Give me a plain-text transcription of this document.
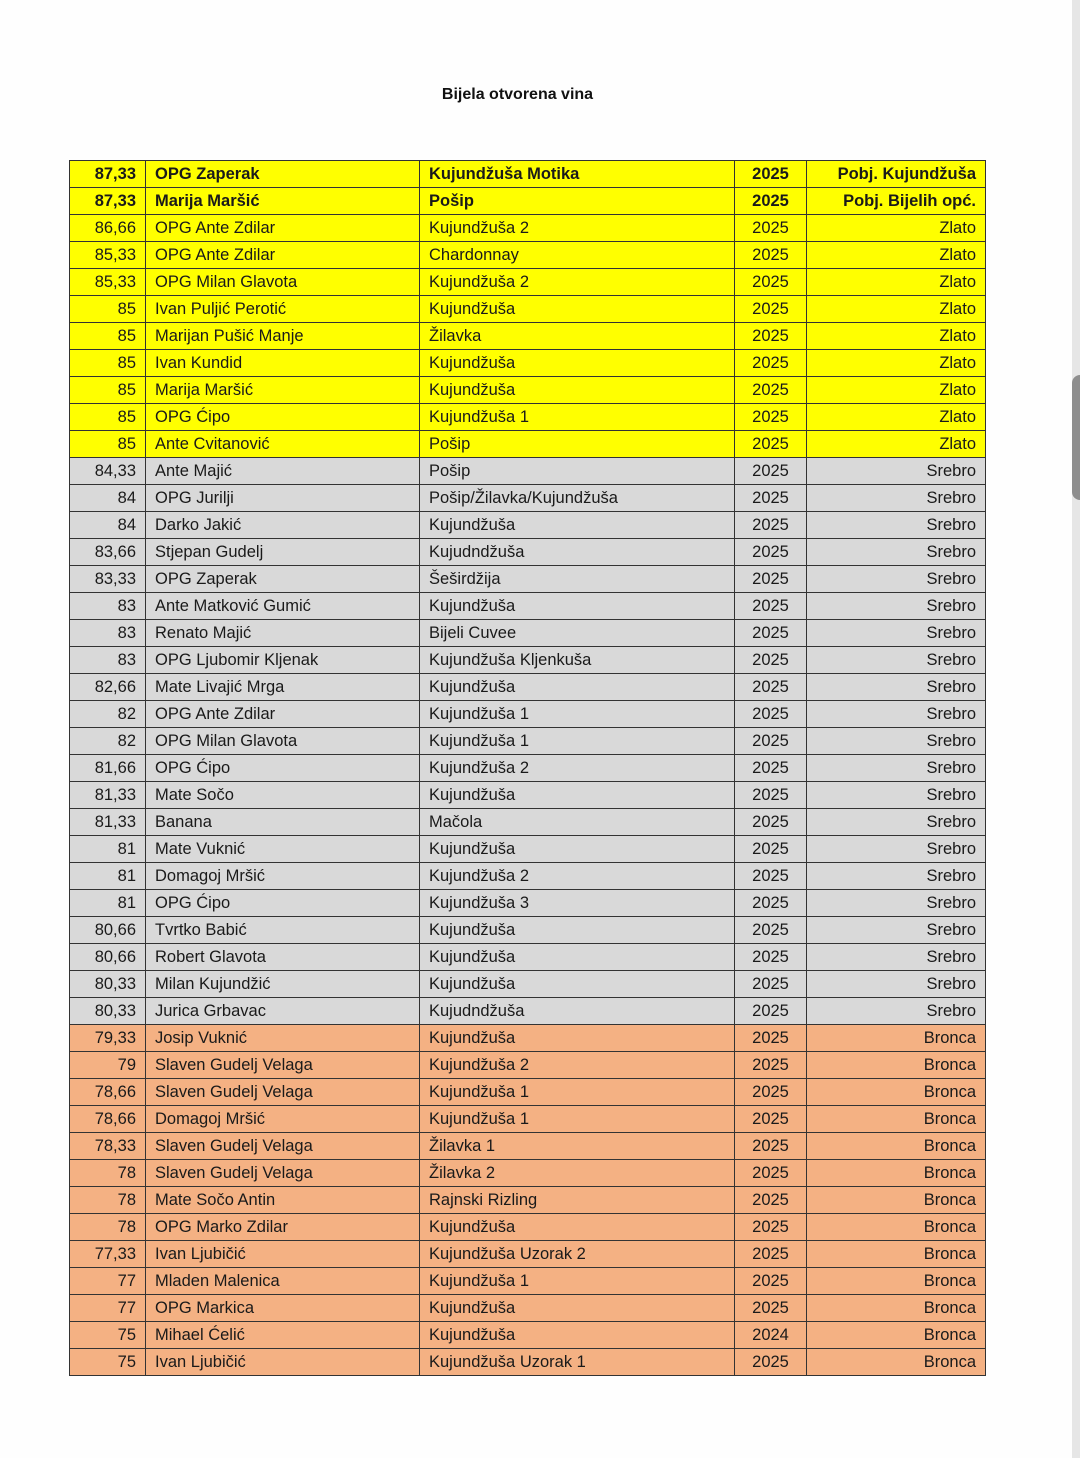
Bijela otvorena vina
87,33	OPG Zaperak	Kujundžuša Motika	2025	Pobj. Kujundžuša
87,33	Marija Maršić	Pošip	2025	Pobj. Bijelih opć.
86,66	OPG Ante Zdilar	Kujundžuša 2	2025	Zlato
85,33	OPG Ante Zdilar	Chardonnay	2025	Zlato
85,33	OPG Milan Glavota	Kujundžuša 2	2025	Zlato
85	Ivan Puljić Perotić	Kujundžuša	2025	Zlato
85	Marijan Pušić Manje	Žilavka	2025	Zlato
85	Ivan Kundid	Kujundžuša	2025	Zlato
85	Marija Maršić	Kujundžuša	2025	Zlato
85	OPG Ćipo	Kujundžuša 1	2025	Zlato
85	Ante Cvitanović	Pošip	2025	Zlato
84,33	Ante Majić	Pošip	2025	Srebro
84	OPG Jurilji	Pošip/Žilavka/Kujundžuša	2025	Srebro
84	Darko Jakić	Kujundžuša	2025	Srebro
83,66	Stjepan Gudelj	Kujudndžuša	2025	Srebro
83,33	OPG Zaperak	Šeširdžija	2025	Srebro
83	Ante Matković Gumić	Kujundžuša	2025	Srebro
83	Renato Majić	Bijeli Cuvee	2025	Srebro
83	OPG Ljubomir Kljenak	Kujundžuša Kljenkuša	2025	Srebro
82,66	Mate Livajić Mrga	Kujundžuša	2025	Srebro
82	OPG Ante Zdilar	Kujundžuša 1	2025	Srebro
82	OPG Milan Glavota	Kujundžuša 1	2025	Srebro
81,66	OPG Ćipo	Kujundžuša 2	2025	Srebro
81,33	Mate Sočo	Kujundžuša	2025	Srebro
81,33	Banana	Mačola	2025	Srebro
81	Mate Vuknić	Kujundžuša	2025	Srebro
81	Domagoj Mršić	Kujundžuša 2	2025	Srebro
81	OPG Ćipo	Kujundžuša 3	2025	Srebro
80,66	Tvrtko Babić	Kujundžuša	2025	Srebro
80,66	Robert Glavota	Kujundžuša	2025	Srebro
80,33	Milan Kujundžić	Kujundžuša	2025	Srebro
80,33	Jurica Grbavac	Kujudndžuša	2025	Srebro
79,33	Josip Vuknić	Kujundžuša	2025	Bronca
79	Slaven Gudelj Velaga	Kujundžuša 2	2025	Bronca
78,66	Slaven Gudelj Velaga	Kujundžuša 1	2025	Bronca
78,66	Domagoj Mršić	Kujundžuša 1	2025	Bronca
78,33	Slaven Gudelj Velaga	Žilavka 1	2025	Bronca
78	Slaven Gudelj Velaga	Žilavka 2	2025	Bronca
78	Mate Sočo Antin	Rajnski Rizling	2025	Bronca
78	OPG Marko Zdilar	Kujundžuša	2025	Bronca
77,33	Ivan Ljubičić	Kujundžuša Uzorak 2	2025	Bronca
77	Mladen Malenica	Kujundžuša 1	2025	Bronca
77	OPG Markica	Kujundžuša	2025	Bronca
75	Mihael Ćelić	Kujundžuša	2024	Bronca
75	Ivan Ljubičić	Kujundžuša Uzorak 1	2025	Bronca
